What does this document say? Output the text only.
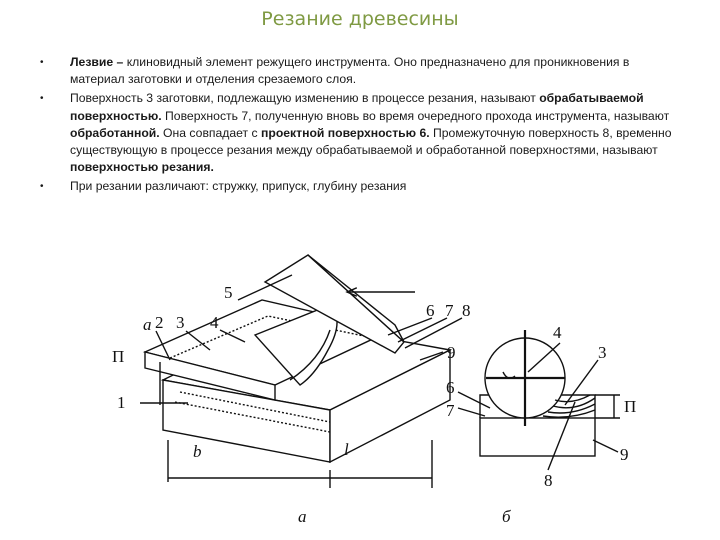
Резание древесины
• Лезвие – клиновидный элемент режущего инструмента. Оно предназначено для проникновения в материал заготовки и отделения срезаемого слоя.
• Поверхность 3 заготовки, подлежащую изменению в процессе резания, называют обрабатываемой поверхностью. Поверхность 7, полученную вновь во время очередного прохода инструмента, называют обработанной. Она совпадает с проектной поверхностью 6. Промежуточную поверхность 8, временно существующую в процессе резания между обрабатываемой и обработанной поверхностями, называют поверхностью резания.
• При резании различают: стружку, припуск, глубину резания
a 2 3 4
5
6 7 8
9
1
П
b	l
а
4
3
6
7
8
9
П
б
